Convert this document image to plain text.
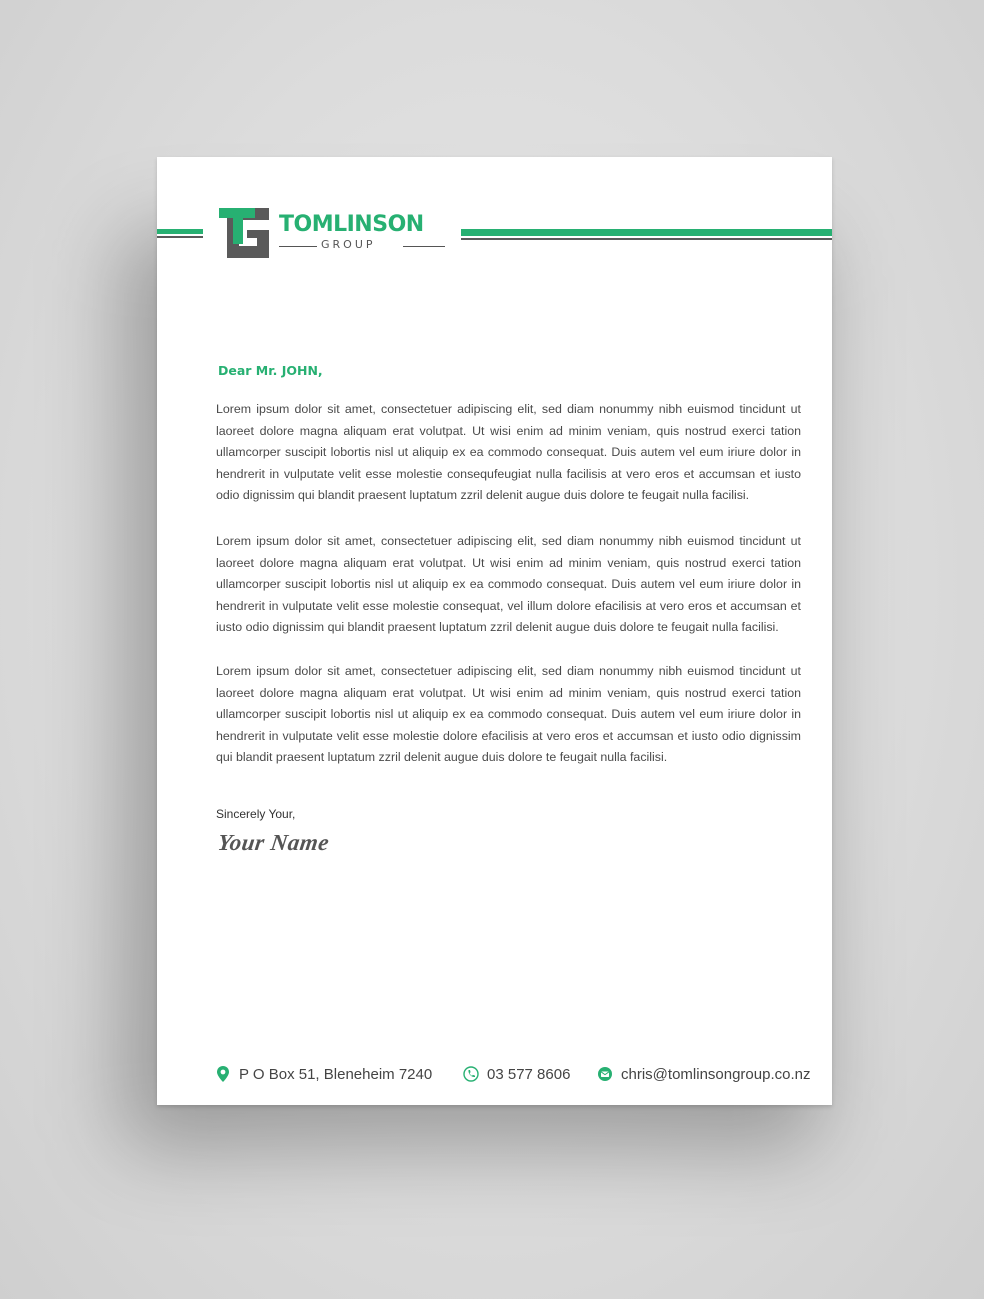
TOMLINSON
GROUP
Dear Mr. JOHN,
Lorem ipsum dolor sit amet, consectetuer adipiscing elit, sed diam nonummy nibh euismod tincidunt ut laoreet dolore magna aliquam erat volutpat. Ut wisi enim ad minim veniam, quis nostrud exerci tation ullamcorper suscipit lobortis nisl ut aliquip ex ea commodo consequat. Duis autem vel eum iriure dolor in hendrerit in vulputate velit esse molestie consequfeugiat nulla facilisis at vero eros et accumsan et iusto odio dignissim qui blandit praesent luptatum zzril delenit augue duis dolore te feugait nulla facilisi.
Lorem ipsum dolor sit amet, consectetuer adipiscing elit, sed diam nonummy nibh euismod tincidunt ut laoreet dolore magna aliquam erat volutpat. Ut wisi enim ad minim veniam, quis nostrud exerci tation ullamcorper suscipit lobortis nisl ut aliquip ex ea commodo consequat. Duis autem vel eum iriure dolor in hendrerit in vulputate velit esse molestie consequat, vel illum dolore efacilisis at vero eros et accumsan et iusto odio dignissim qui blandit praesent luptatum zzril delenit augue duis dolore te feugait nulla facilisi.
Lorem ipsum dolor sit amet, consectetuer adipiscing elit, sed diam nonummy nibh euismod tincidunt ut laoreet dolore magna aliquam erat volutpat. Ut wisi enim ad minim veniam, quis nostrud exerci tation ullamcorper suscipit lobortis nisl ut aliquip ex ea commodo consequat. Duis autem vel eum iriure dolor in hendrerit in vulputate velit esse molestie dolore efacilisis at vero eros et accumsan et iusto odio dignissim qui blandit praesent luptatum zzril delenit augue duis dolore te feugait nulla facilisi.
Sincerely Your,
Your Name
P O Box 51, Bleneheim 7240	03 577 8606	chris@tomlinsongroup.co.nz
